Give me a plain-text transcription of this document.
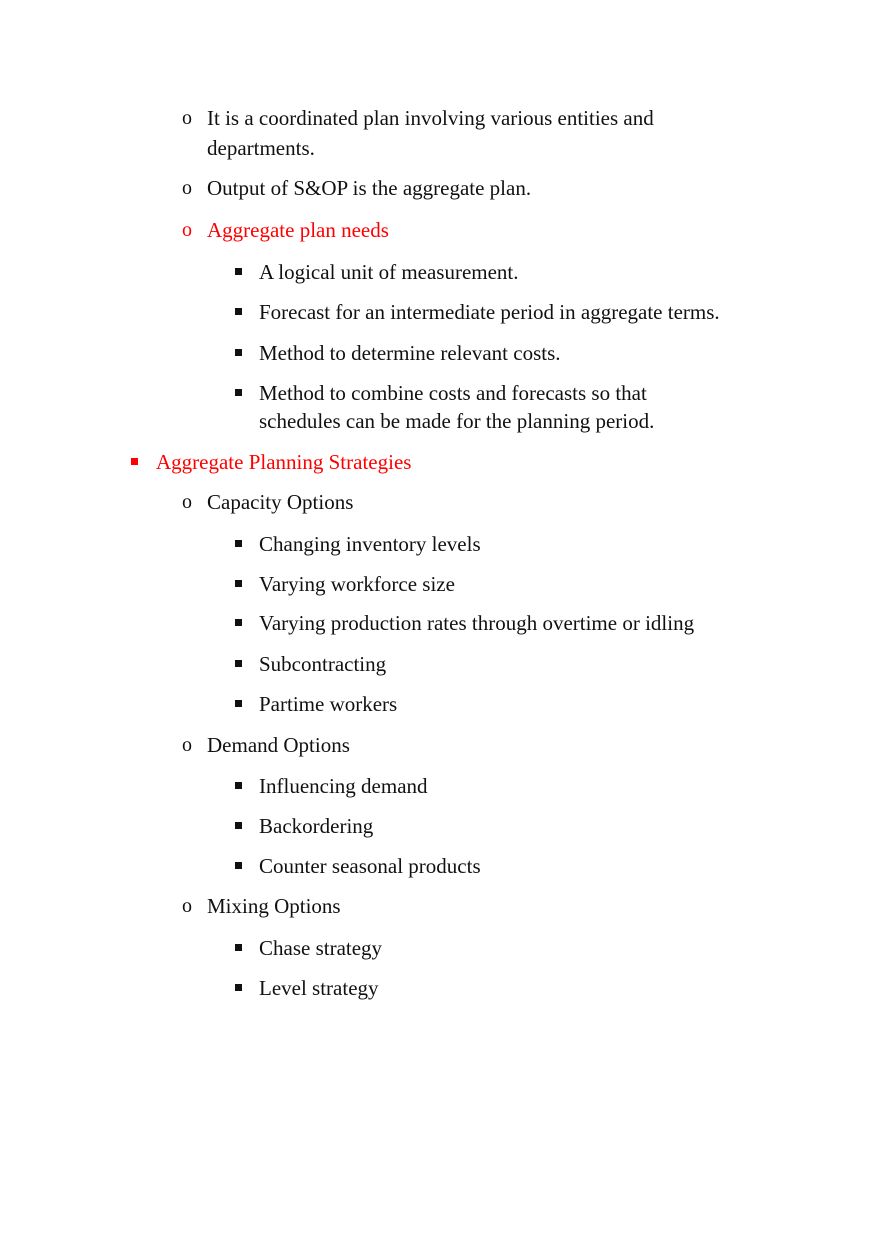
o It is a coordinated plan involving various entities and
departments.
o Output of S&OP is the aggregate plan.
o Aggregate plan needs
A logical unit of measurement.
Forecast for an intermediate period in aggregate terms.
Method to determine relevant costs.
Method to combine costs and forecasts so that
schedules can be made for the planning period.
Aggregate Planning Strategies
o Capacity Options
Changing inventory levels
Varying workforce size
Varying production rates through overtime or idling
Subcontracting
Partime workers
o Demand Options
Influencing demand
Backordering
Counter seasonal products
o Mixing Options
Chase strategy
Level strategy
